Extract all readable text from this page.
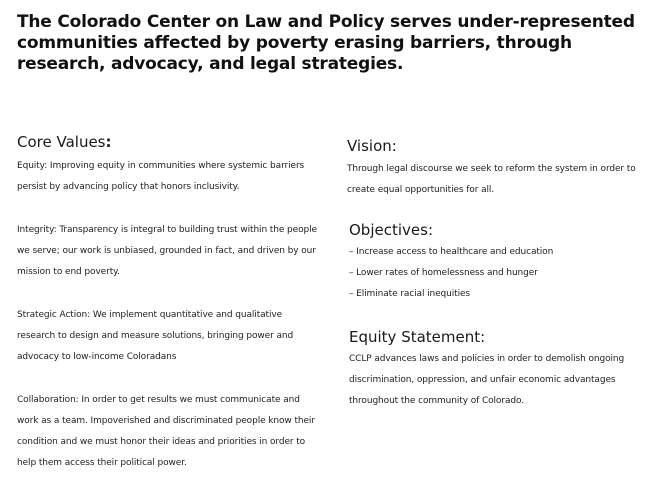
The Colorado Center on Law and Policy serves under-represented communities affected by poverty erasing barriers, through research, advocacy, and legal strategies.
Core Values:

Equity: Improving equity in communities where systemic barriers persist by advancing policy that honors inclusivity.

Integrity: Transparency is integral to building trust within the people we serve; our work is unbiased, grounded in fact, and driven by our mission to end poverty.

Strategic Action: We implement quantitative and qualitative research to design and measure solutions, bringing power and advocacy to low-income Coloradans

Collaboration: In order to get results we must communicate and work as a team. Impoverished and discriminated people know their condition and we must honor their ideas and priorities in order to help them access their political power.

Vision:

Through legal discourse we seek to reform the system in order to create equal opportunities for all.

Objectives:

– Increase access to healthcare and education

– Lower rates of homelessness and hunger

– Eliminate racial inequities

Equity Statement:

CCLP advances laws and policies in order to demolish ongoing discrimination, oppression, and unfair economic advantages throughout the community of Colorado.
